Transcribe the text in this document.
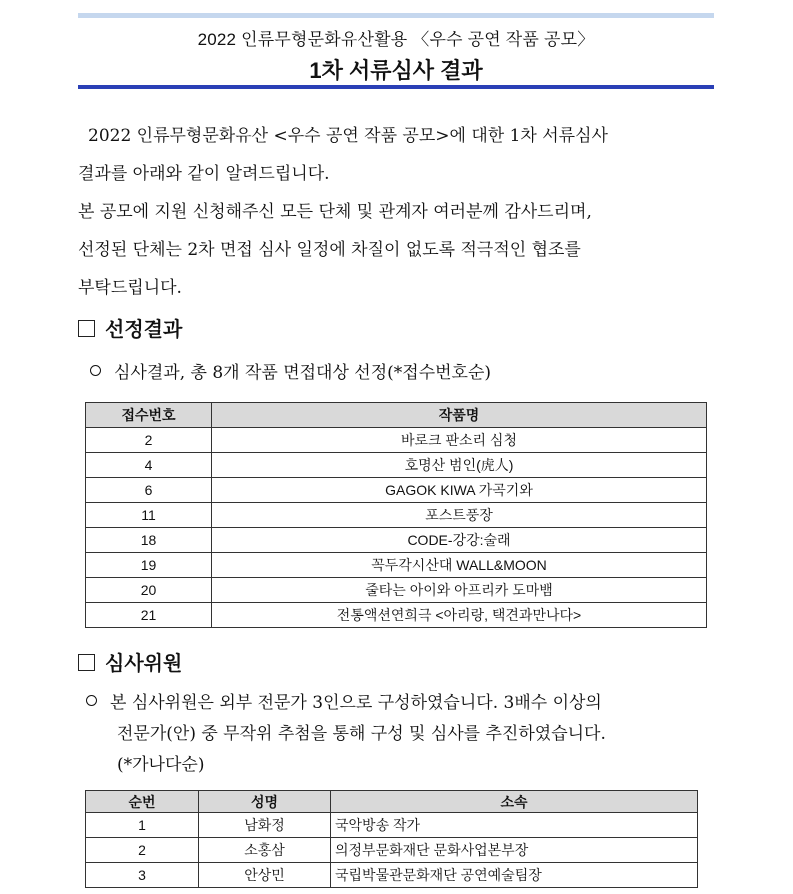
2022 인류무형문화유산활용 〈우수 공연 작품 공모〉
1차 서류심사 결과

2022 인류무형문화유산 <우수 공연 작품 공모>에 대한 1차 서류심사

결과를 아래와 같이 알려드립니다.

본 공모에 지원 신청해주신 모든 단체 및 관계자 여러분께 감사드리며,

선정된 단체는 2차 면접 심사 일정에 차질이 없도록 적극적인 협조를

부탁드립니다.

선정결과
심사결과, 총 8개 작품 면접대상 선정(*접수번호순)
접수번호	작품명
2	바로크 판소리 심청
4	호명산 범인(虎人)
6	GAGOK KIWA 가곡기와
11	포스트풍장
18	CODE-강강:술래
19	꼭두각시산대 WALL&MOON
20	줄타는 아이와 아프리카 도마뱀
21	전통액션연희극 <아리랑, 택견과만나다>
심사위원

본 심사위원은 외부 전문가 3인으로 구성하였습니다. 3배수 이상의

전문가(안) 중 무작위 추첨을 통해 구성 및 심사를 추진하였습니다.

(*가나다순)

순번	성명	소속
1	남화정	국악방송 작가
2	소홍삼	의정부문화재단 문화사업본부장
3	안상민	국립박물관문화재단 공연예술팀장
